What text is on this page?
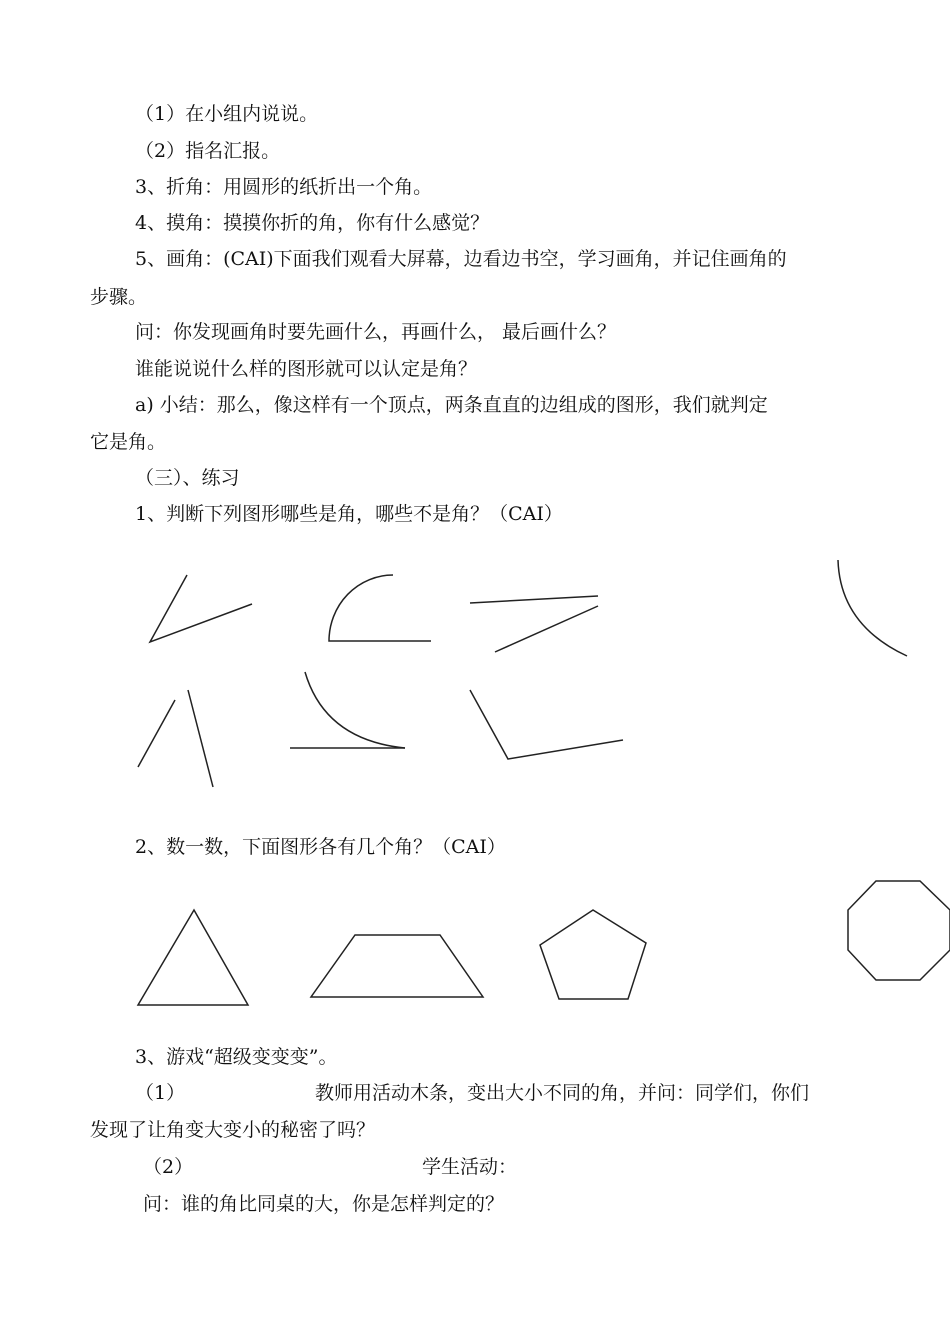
（1）在小组内说说。
（2）指名汇报。
3、折角：用圆形的纸折出一个角。
4、摸角：摸摸你折的角，你有什么感觉？
5、画角：(CAI)下面我们观看大屏幕，边看边书空，学习画角，并记住画角的
步骤。
问：你发现画角时要先画什么，再画什么， 最后画什么？
谁能说说什么样的图形就可以认定是角？
a) 小结：那么，像这样有一个顶点，两条直直的边组成的图形，我们就判定
它是角。
（三）、练习
1、判断下列图形哪些是角，哪些不是角？（CAI）
2、数一数，下面图形各有几个角？（CAI）
3、游戏“超级变变变”。
（1）	教师用活动木条，变出大小不同的角，并问：同学们，你们
发现了让角变大变小的秘密了吗？
（2）	学生活动：
问：谁的角比同桌的大，你是怎样判定的？
